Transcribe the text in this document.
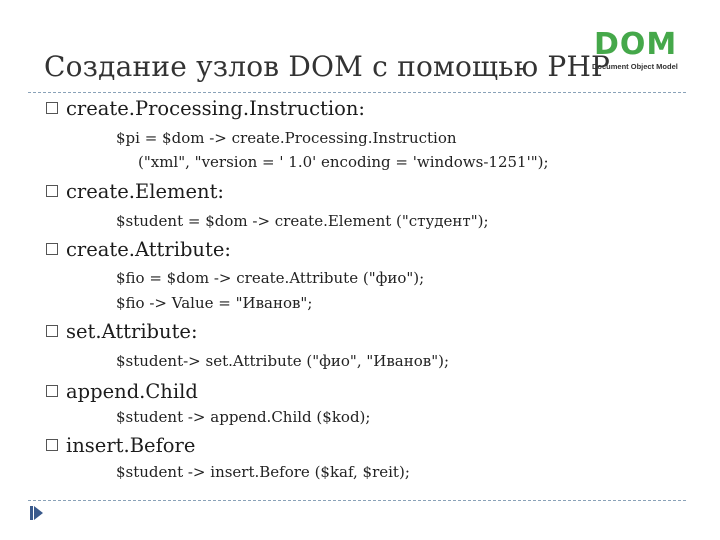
Создание узлов DOM с помощью PHP
DOM
Document Object Model
create.Processing.Instruction:
$pi = $dom -> create.Processing.Instruction
("xml", "version = ' 1.0' encoding = 'windows-1251'");
create.Element:
$student = $dom -> create.Element ("студент");
create.Attribute:
$fio = $dom -> create.Attribute ("фио");
$fio -> Value = "Иванов";
set.Attribute:
$student-> set.Attribute ("фио", "Иванов");
append.Child
$student -> append.Child ($kod);
insert.Before
$student -> insert.Before ($kaf, $reit);
